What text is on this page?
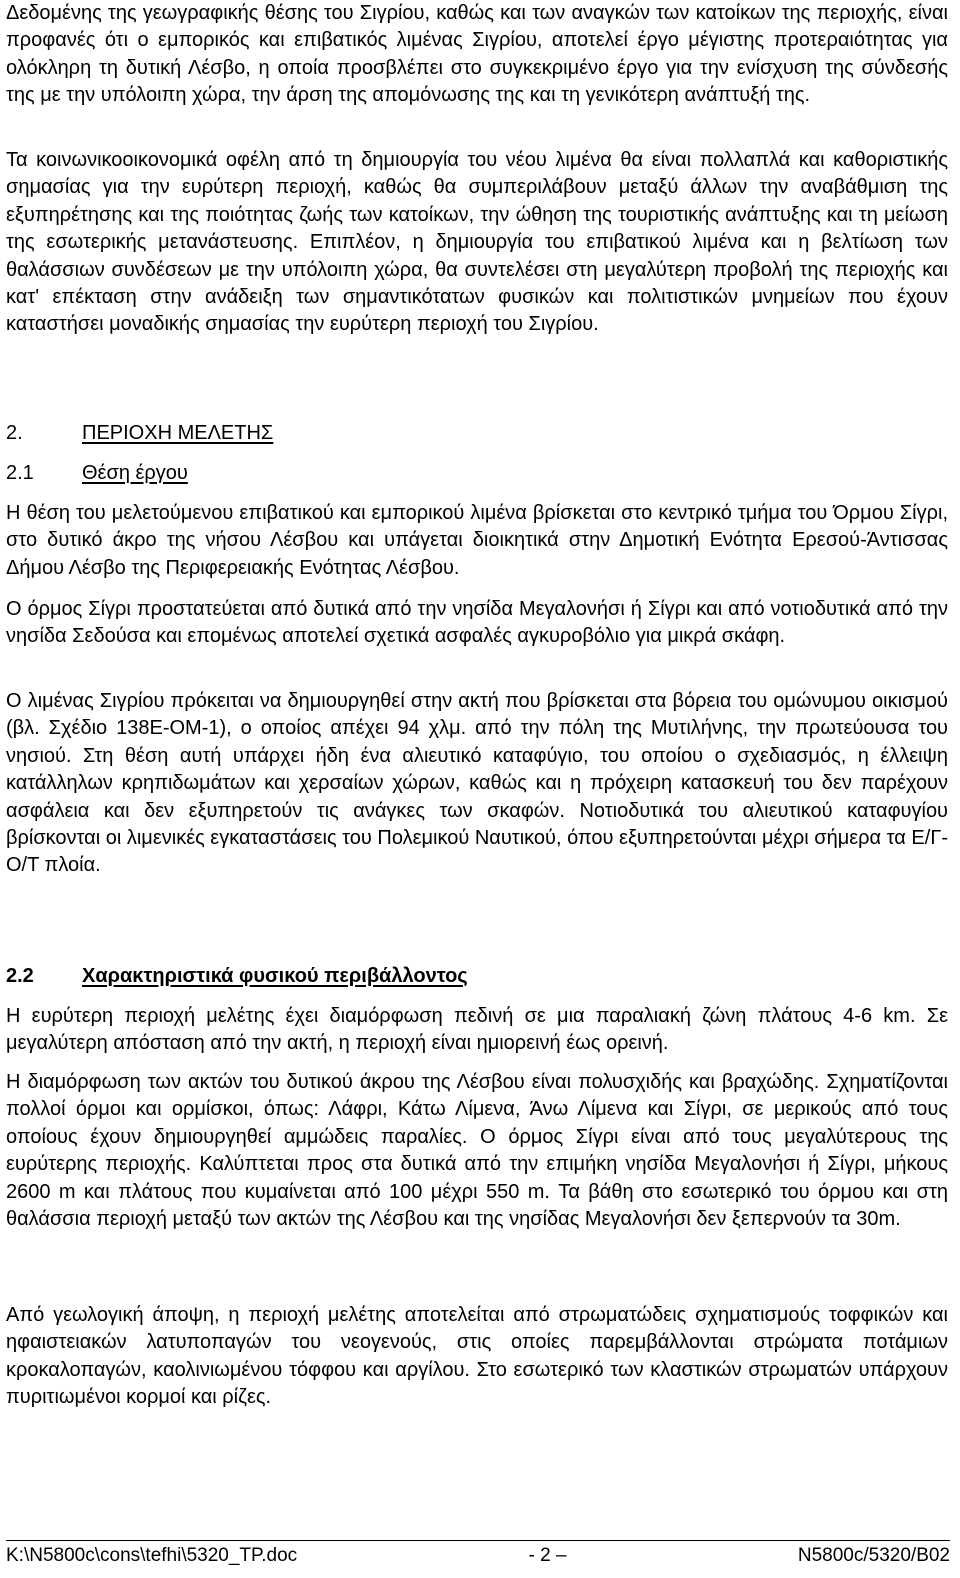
Δεδομένης της γεωγραφικής θέσης του Σιγρίου, καθώς και των αναγκών των κατοίκων της περιοχής, είναι προφανές ότι ο εμπορικός και επιβατικός λιμένας Σιγρίου, αποτελεί έργο μέγιστης προτεραιότητας για ολόκληρη τη δυτική Λέσβο, η οποία προσβλέπει στο συγκεκριμένο έργο για την ενίσχυση της σύνδεσής της με την υπόλοιπη χώρα, την άρση της απομόνωσης της και τη γενικότερη ανάπτυξή της.

Τα κοινωνικοοικονομικά οφέλη από τη δημιουργία του νέου λιμένα θα είναι πολλαπλά και καθοριστικής σημασίας για την ευρύτερη περιοχή, καθώς θα συμπεριλάβουν μεταξύ άλλων την αναβάθμιση της εξυπηρέτησης και της ποιότητας ζωής των κατοίκων, την ώθηση της τουριστικής ανάπτυξης και τη μείωση της εσωτερικής μετανάστευσης. Επιπλέον, η δημιουργία του επιβατικού λιμένα και η βελτίωση των θαλάσσιων συνδέσεων με την υπόλοιπη χώρα, θα συντελέσει στη μεγαλύτερη προβολή της περιοχής και κατ' επέκταση στην ανάδειξη των σημαντικότατων φυσικών και πολιτιστικών μνημείων που έχουν καταστήσει μοναδικής σημασίας την ευρύτερη περιοχή του Σιγρίου.

2.	ΠΕΡΙΟΧΗ ΜΕΛΕΤΗΣ
2.1 Θέση έργου

Η θέση του μελετούμενου επιβατικού και εμπορικού λιμένα βρίσκεται στο κεντρικό τμήμα του Όρμου Σίγρι, στο δυτικό άκρο της νήσου Λέσβου και υπάγεται διοικητικά στην Δημοτική Ενότητα Ερεσού-Άντισσας Δήμου Λέσβο της Περιφερειακής Ενότητας Λέσβου.

Ο όρμος Σίγρι προστατεύεται από δυτικά από την νησίδα Μεγαλονήσι ή Σίγρι και από νοτιοδυτικά από την νησίδα Σεδούσα και επομένως αποτελεί σχετικά ασφαλές αγκυροβόλιο για μικρά σκάφη.

Ο λιμένας Σιγρίου πρόκειται να δημιουργηθεί στην ακτή που βρίσκεται στα βόρεια του ομώνυμου οικισμού (βλ. Σχέδιο 138Ε-ΟΜ-1), ο οποίος απέχει 94 χλμ. από την πόλη της Μυτιλήνης, την πρωτεύουσα του νησιού. Στη θέση αυτή υπάρχει ήδη ένα αλιευτικό καταφύγιο, του οποίου ο σχεδιασμός, η έλλειψη κατάλληλων κρηπιδωμάτων και χερσαίων χώρων, καθώς και η πρόχειρη κατασκευή του δεν παρέχουν ασφάλεια και δεν εξυπηρετούν τις ανάγκες των σκαφών. Νοτιοδυτικά του αλιευτικού καταφυγίου βρίσκονται οι λιμενικές εγκαταστάσεις του Πολεμικού Ναυτικού, όπου εξυπηρετούνται μέχρι σήμερα τα Ε/Γ- Ο/Τ πλοία.

2.2 Χαρακτηριστικά φυσικού περιβάλλοντος

Η ευρύτερη περιοχή μελέτης έχει διαμόρφωση πεδινή σε μια παραλιακή ζώνη πλάτους 4-6 km. Σε μεγαλύτερη απόσταση από την ακτή, η περιοχή είναι ημιορεινή έως ορεινή.

Η διαμόρφωση των ακτών του δυτικού άκρου της Λέσβου είναι πολυσχιδής και βραχώδης. Σχηματίζονται πολλοί όρμοι και ορμίσκοι, όπως: Λάφρι, Κάτω Λίμενα, Άνω Λίμενα και Σίγρι, σε μερικούς από τους οποίους έχουν δημιουργηθεί αμμώδεις παραλίες. Ο όρμος Σίγρι είναι από τους μεγαλύτερους της ευρύτερης περιοχής. Καλύπτεται προς στα δυτικά από την επιμήκη νησίδα Μεγαλονήσι ή Σίγρι, μήκους 2600 m και πλάτους που κυμαίνεται από 100 μέχρι 550 m. Τα βάθη στο εσωτερικό του όρμου και στη θαλάσσια περιοχή μεταξύ των ακτών της Λέσβου και της νησίδας Μεγαλονήσι δεν ξεπερνούν τα 30m.

Από γεωλογική άποψη, η περιοχή μελέτης αποτελείται από στρωματώδεις σχηματισμούς τοφφικών και ηφαιστειακών λατυποπαγών του νεογενούς, στις οποίες παρεμβάλλονται στρώματα ποτάμιων κροκαλοπαγών, καολινιωμένου τόφφου και αργίλου. Στο εσωτερικό των κλαστικών στρωματών υπάρχουν πυριτιωμένοι κορμοί και ρίζες.

K:\N5800c\cons\tefhi\5320_TP.doc	- 2 –	N5800c/5320/B02
